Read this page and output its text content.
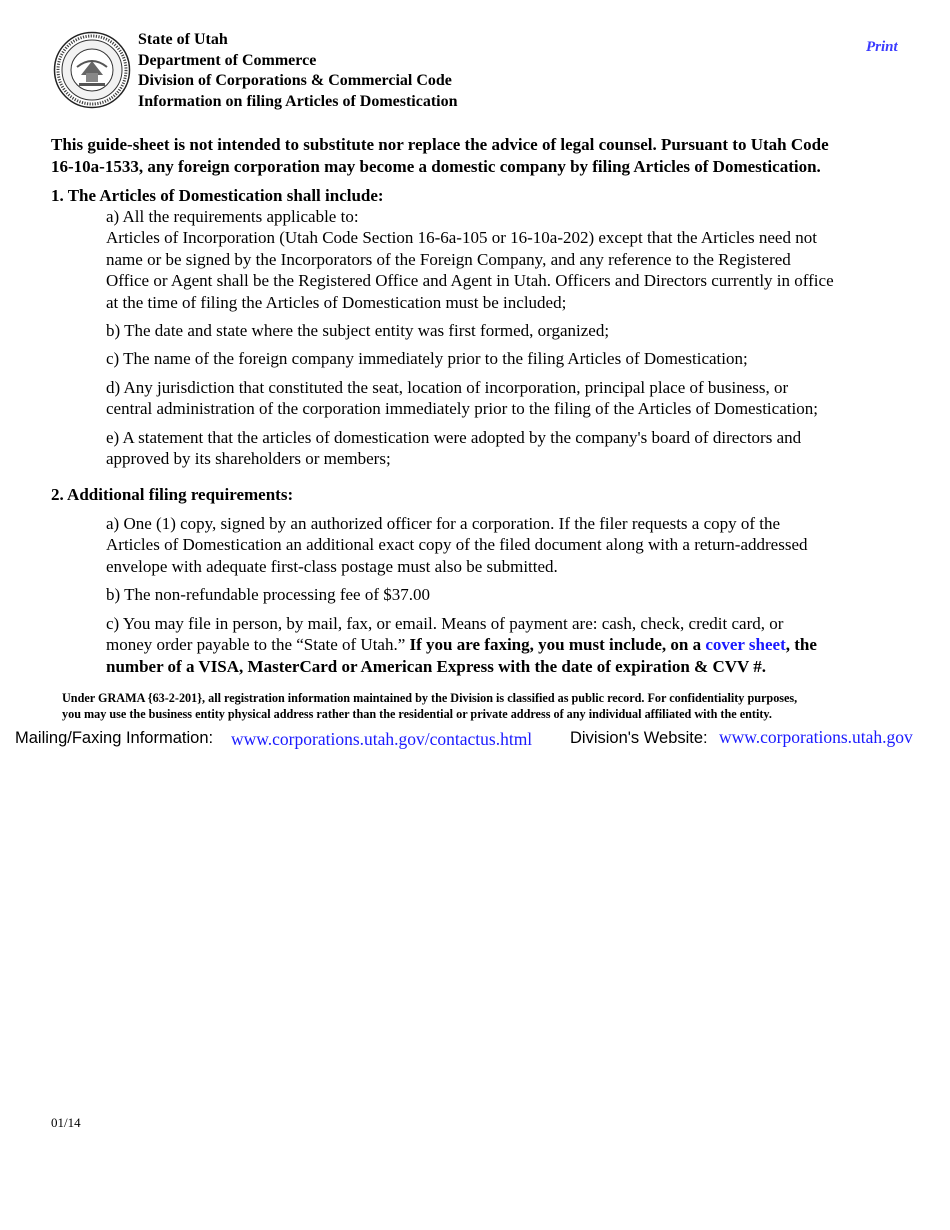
State of Utah
Department of Commerce
Division of Corporations & Commercial Code
Information on filing Articles of Domestication
Print
This guide-sheet is not intended to substitute nor replace the advice of legal counsel. Pursuant to Utah Code
16-10a-1533, any foreign corporation may become a domestic company by filing Articles of Domestication.
1. The Articles of Domestication shall include:
a) All the requirements applicable to:
Articles of Incorporation (Utah Code Section 16-6a-105 or 16-10a-202) except that the Articles need not
name or be signed by the Incorporators of the Foreign Company, and any reference to the Registered
Office or Agent shall be the Registered Office and Agent in Utah. Officers and Directors currently in office
at the time of filing the Articles of Domestication must be included;
b) The date and state where the subject entity was first formed, organized;
c) The name of the foreign company immediately prior to the filing Articles of Domestication;
d) Any jurisdiction that constituted the seat, location of incorporation, principal place of business, or
central administration of the corporation immediately prior to the filing of the Articles of Domestication;
e) A statement that the articles of domestication were adopted by the company's board of directors and
approved by its shareholders or members;
2. Additional filing requirements:
a) One (1) copy, signed by an authorized officer for a corporation. If the filer requests a copy of the
Articles of Domestication an additional exact copy of the filed document along with a return-addressed
envelope with adequate first-class postage must also be submitted.
b) The non-refundable processing fee of $37.00
c) You may file in person, by mail, fax, or email. Means of payment are: cash, check, credit card, or
money order payable to the “State of Utah.” If you are faxing, you must include, on a cover sheet, the
number of a VISA, MasterCard or American Express with the date of expiration & CVV #.
Under GRAMA {63-2-201}, all registration information maintained by the Division is classified as public record. For confidentiality purposes,
you may use the business entity physical address rather than the residential or private address of any individual affiliated with the entity.
Mailing/Faxing Information: www.corporations.utah.gov/contactus.html Division's Website: www.corporations.utah.gov
01/14
